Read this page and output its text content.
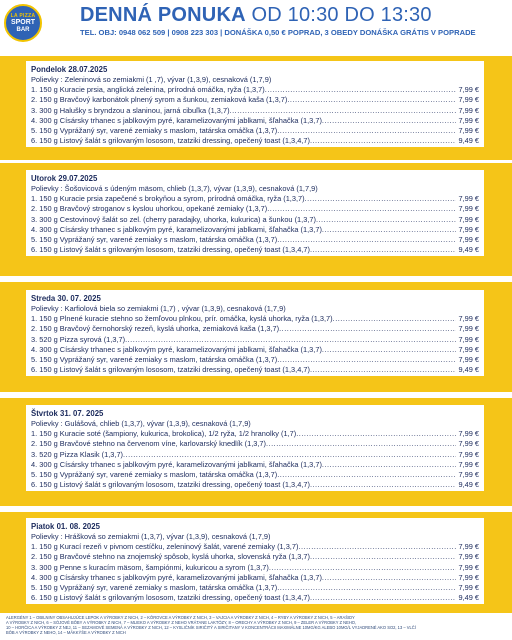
LA PIZZA
SPORT
BAR
DENNÁ PONUKA OD 10:30 DO 13:30
TEL. OBJ: 0948 062 509 | 0908 223 303 | DONÁŠKA 0,50 € POPRAD, 3 OBEDY DONÁŠKA GRÁTIS V POPRADE
Pondelok 28.07.2025
Polievky : Zeleninová so zemiakmi (1 ,7), vývar (1,3,9), cesnaková (1,7,9)
1. 150 g Kuracie prsia, anglická zelenina, prírodná omáčka, ryža (1,3,7) .....	7,99 €
2. 150 g Bravčový karbonátok plnený syrom a šunkou, zemiaková kaša (1,3,7) .....	7,99 €
3. 300 g Halušky s bryndzou a slaninou, jarná cibuľka (1,3,7) .....	7,99 €
4. 300 g Císársky trhanec s jablkovým pyré, karamelizovanými jablkami, šľahačka (1,3,7) .....	7,99 €
5. 150 g Vyprážaný syr, varené zemiaky s maslom, tatárska omáčka (1,3,7) .....	7,99 €
6. 150 g Listový šalát s grilovaným lososom, tzatziki dressing, opečený toast (1,3,4,7) .....	9,49 €
Utorok 29.07.2025
Polievky : Šošovicová s údeným mäsom, chlieb (1,3,7), vývar (1,3,9), cesnaková (1,7,9)
1. 150 g Kuracie prsia zapečené s brokyňou a syrom, prírodná omáčka, ryža (1,3,7) .....	7,99 €
2. 150 g Bravčový stroganov s kyslou uhorkou, opekané zemiaky (1,3,7) .....	7,99 €
3. 300 g Cestovinový šalát so zel. (cherry paradajky, uhorka, kukurica) a šunkou (1,3,7) .....	7,99 €
4. 300 g Císársky trhanec s jablkovým pyré, karamelizovanými jablkami, šľahačka (1,3,7) .....	7,99 €
5. 150 g Vyprážaný syr, varené zemiaky s maslom, tatárska omáčka (1,3,7) .....	7,99 €
6. 150 g Listový šalát s grilovaným lososom, tzatziki dressing, opečený toast (1,3,4,7) .....	9,49 €
Streda 30. 07. 2025
Polievky : Karfiolová biela so zemiakmi (1,7) , vývar (1,3,9), cesnaková (1,7,9)
1. 150 g Plnené kuracie stehno so žemľovou plnkou, prír. omáčka, kyslá uhorka, ryža (1,3,7) .....	7,99 €
2. 150 g Bravčový černohorský rezeň, kyslá uhorka, zemiaková kaša (1,3,7) .....	7,99 €
3. 520 g Pizza syrová (1,3,7) .....	7,99 €
4. 300 g Císársky trhanec s jablkovým pyré, karamelizovanými jablkami, šľahačka (1,3,7) .....	7,99 €
5. 150 g Vyprážaný syr, varené zemiaky s maslom, tatárska omáčka (1,3,7) .....	7,99 €
6. 150 g Listový šalát s grilovaným lososom, tzatziki dressing, opečený toast (1,3,4,7) .....	9,49 €
Štvrtok 31. 07. 2025
Polievky : Gulášová, chlieb (1,3,7), vývar (1,3,9), cesnaková (1,7,9)
1. 150 g Kuracie soté (šampiony, kukurica, brokolica), 1/2 ryža, 1/2 hranolky (1,7) .....	7,99 €
2. 150 g Bravčové stehno na červenom víne, karlovarský knedlík (1,3,7) .....	7,99 €
3. 520 g Pizza Klasik (1,3,7) .....	7,99 €
4. 300 g Císársky trhanec s jablkovým pyré, karamelizovanými jablkami, šľahačka (1,3,7) .....	7,99 €
5. 150 g Vyprážaný syr, varené zemiaky s maslom, tatárska omáčka (1,3,7) .....	7,99 €
6. 150 g Listový šalát s grilovaným lososom, tzatziki dressing, opečený toast (1,3,4,7) .....	9,49 €
Piatok 01. 08. 2025
Polievky : Hrášková so zemiakmi (1,3,7), vývar (1,3,9), cesnaková (1,7,9)
1. 150 g Kurací rezeň v pivnom cestíčku, zeleninový šalát, varené zemiaky (1,3,7) .....	7,99 €
2. 150 g Bravčové stehno na znojemský spôsob, kyslá uhorka, slovenská ryža (1,3,7) .....	7,99 €
3. 300 g Penne s kuracím mäsom, šampiónmi, kukuricou a syrom (1,3,7) .....	7,99 €
4. 300 g Císársky trhanec s jablkovým pyré, karamelizovanými jablkami, šľahačka (1,3,7) .....	7,99 €
5. 150 g Vyprážaný syr, varené zemiaky s maslom, tatárska omáčka (1,3,7) .....	7,99 €
6. 150 g Listový šalát s grilovaným lososom, tzatziki dressing, opečený toast (1,3,4,7) .....	9,49 €
ALERGÉNY 1 – OBILNINY OBSAHUJÚCE LEPOK A VÝROBKY Z NICH, 2 – KÔROVCE A VÝROBKY Z NICH, 3 – VAJCIA A VÝROBKY Z NICH, 4 – RYBY A VÝROBKY Z NICH, 5 – ARAŠIDY
A VÝROBKY Z NICH, 6 – SÓJOVÉ BÔBY A VÝROBKY Z NICH, 7 – MLIEKO A VÝROBKY Z NEHO VRÁTANE LAKTÓZY, 8 – ORECHY A VÝROBKY Z NICH, 9 – ZELER A VÝROBKY Z NEHO,
10 – HORČICA A VÝROBKY Z NEJ, 11 – SEZAMOVÉ SEMENÁ A VÝROBKY Z NICH, 12 – KYSLIČNÍK SIRIČITÝ A SIRIČITANY V KONCENTRÁCII MAXIMÁLNE 10MG/KG ALEBO 10MG/L VYJADRENÉ AKO SO2, 13 – VLČÍ
BÔB A VÝROBKY Z NEHO, 14 – MÄKKÝŠE A VÝROBKY Z NICH
